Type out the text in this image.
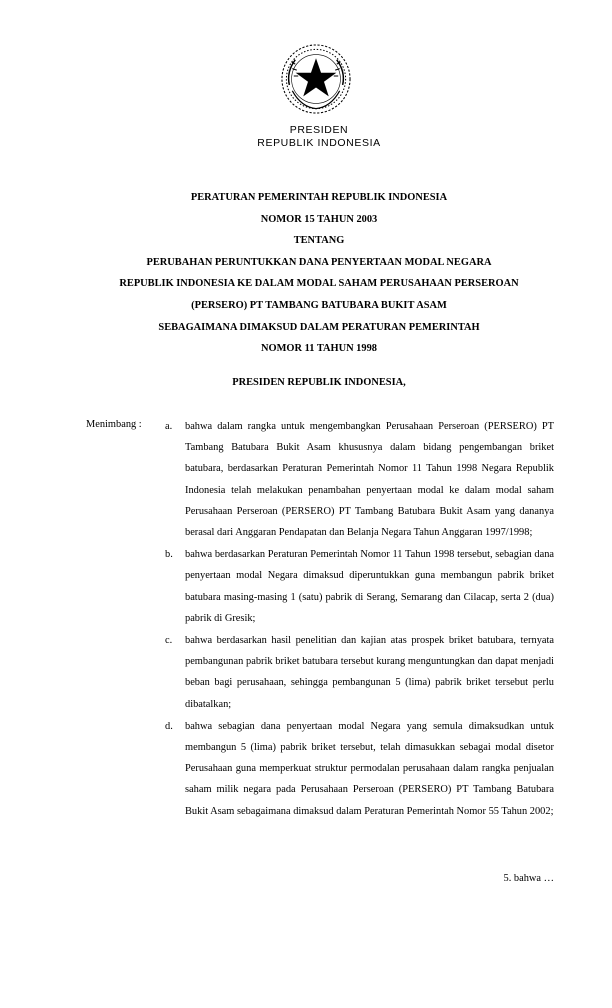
PRESIDEN
REPUBLIK INDONESIA
PERATURAN PEMERINTAH REPUBLIK INDONESIA
NOMOR 15 TAHUN 2003
TENTANG
PERUBAHAN PERUNTUKKAN DANA PENYERTAAN MODAL NEGARA
REPUBLIK INDONESIA KE DALAM MODAL SAHAM PERUSAHAAN PERSEROAN
(PERSERO) PT TAMBANG BATUBARA BUKIT ASAM
SEBAGAIMANA DIMAKSUD DALAM PERATURAN PEMERINTAH
NOMOR 11 TAHUN 1998
PRESIDEN REPUBLIK INDONESIA,
Menimbang : a. bahwa dalam rangka untuk mengembangkan Perusahaan Perseroan (PERSERO) PT Tambang Batubara Bukit Asam khususnya dalam bidang pengembangan briket batubara, berdasarkan Peraturan Pemerintah Nomor 11 Tahun 1998 Negara Republik Indonesia telah melakukan penambahan penyertaan modal ke dalam modal saham Perusahaan Perseroan (PERSERO) PT Tambang Batubara Bukit Asam yang dananya berasal dari Anggaran Pendapatan dan Belanja Negara Tahun Anggaran 1997/1998;
b. bahwa berdasarkan Peraturan Pemerintah Nomor 11 Tahun 1998 tersebut, sebagian dana penyertaan modal Negara dimaksud diperuntukkan guna membangun pabrik briket batubara masing-masing 1 (satu) pabrik di Serang, Semarang dan Cilacap, serta 2 (dua) pabrik di Gresik;
c. bahwa berdasarkan hasil penelitian dan kajian atas prospek briket batubara, ternyata pembangunan pabrik briket batubara tersebut kurang menguntungkan dan dapat menjadi beban bagi perusahaan, sehingga pembangunan 5 (lima) pabrik briket tersebut perlu dibatalkan;
d. bahwa sebagian dana penyertaan modal Negara yang semula dimaksudkan untuk membangun 5 (lima) pabrik briket tersebut, telah dimasukkan sebagai modal disetor Perusahaan guna memperkuat struktur permodalan perusahaan dalam rangka penjualan saham milik negara pada Perusahaan Perseroan (PERSERO) PT Tambang Batubara Bukit Asam sebagaimana dimaksud dalam Peraturan Pemerintah Nomor 55 Tahun 2002;
5. bahwa …
